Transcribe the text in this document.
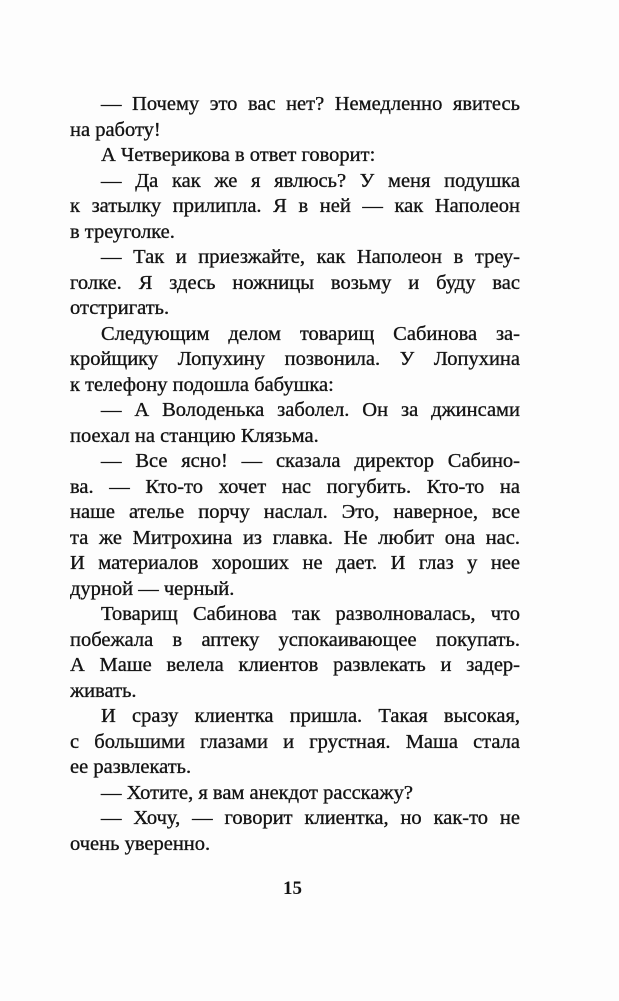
— Почему это вас нет? Немедленно явитесь
на работу!
А Четверикова в ответ говорит:
— Да как же я явлюсь? У меня подушка
к затылку прилипла. Я в ней — как Наполеон
в треуголке.
— Так и приезжайте, как Наполеон в треу-
голке. Я здесь ножницы возьму и буду вас
отстригать.
Следующим делом товарищ Сабинова за-
кройщику Лопухину позвонила. У Лопухина
к телефону подошла бабушка:
— А Володенька заболел. Он за джинсами
поехал на станцию Клязьма.
— Все ясно! — сказала директор Сабино-
ва. — Кто-то хочет нас погубить. Кто-то на
наше ателье порчу наслал. Это, наверное, все
та же Митрохина из главка. Не любит она нас.
И материалов хороших не дает. И глаз у нее
дурной — черный.
Товарищ Сабинова так разволновалась, что
побежала в аптеку успокаивающее покупать.
А Маше велела клиентов развлекать и задер-
живать.
И сразу клиентка пришла. Такая высокая,
с большими глазами и грустная. Маша стала
ее развлекать.
— Хотите, я вам анекдот расскажу?
— Хочу, — говорит клиентка, но как-то не
очень уверенно.
15
